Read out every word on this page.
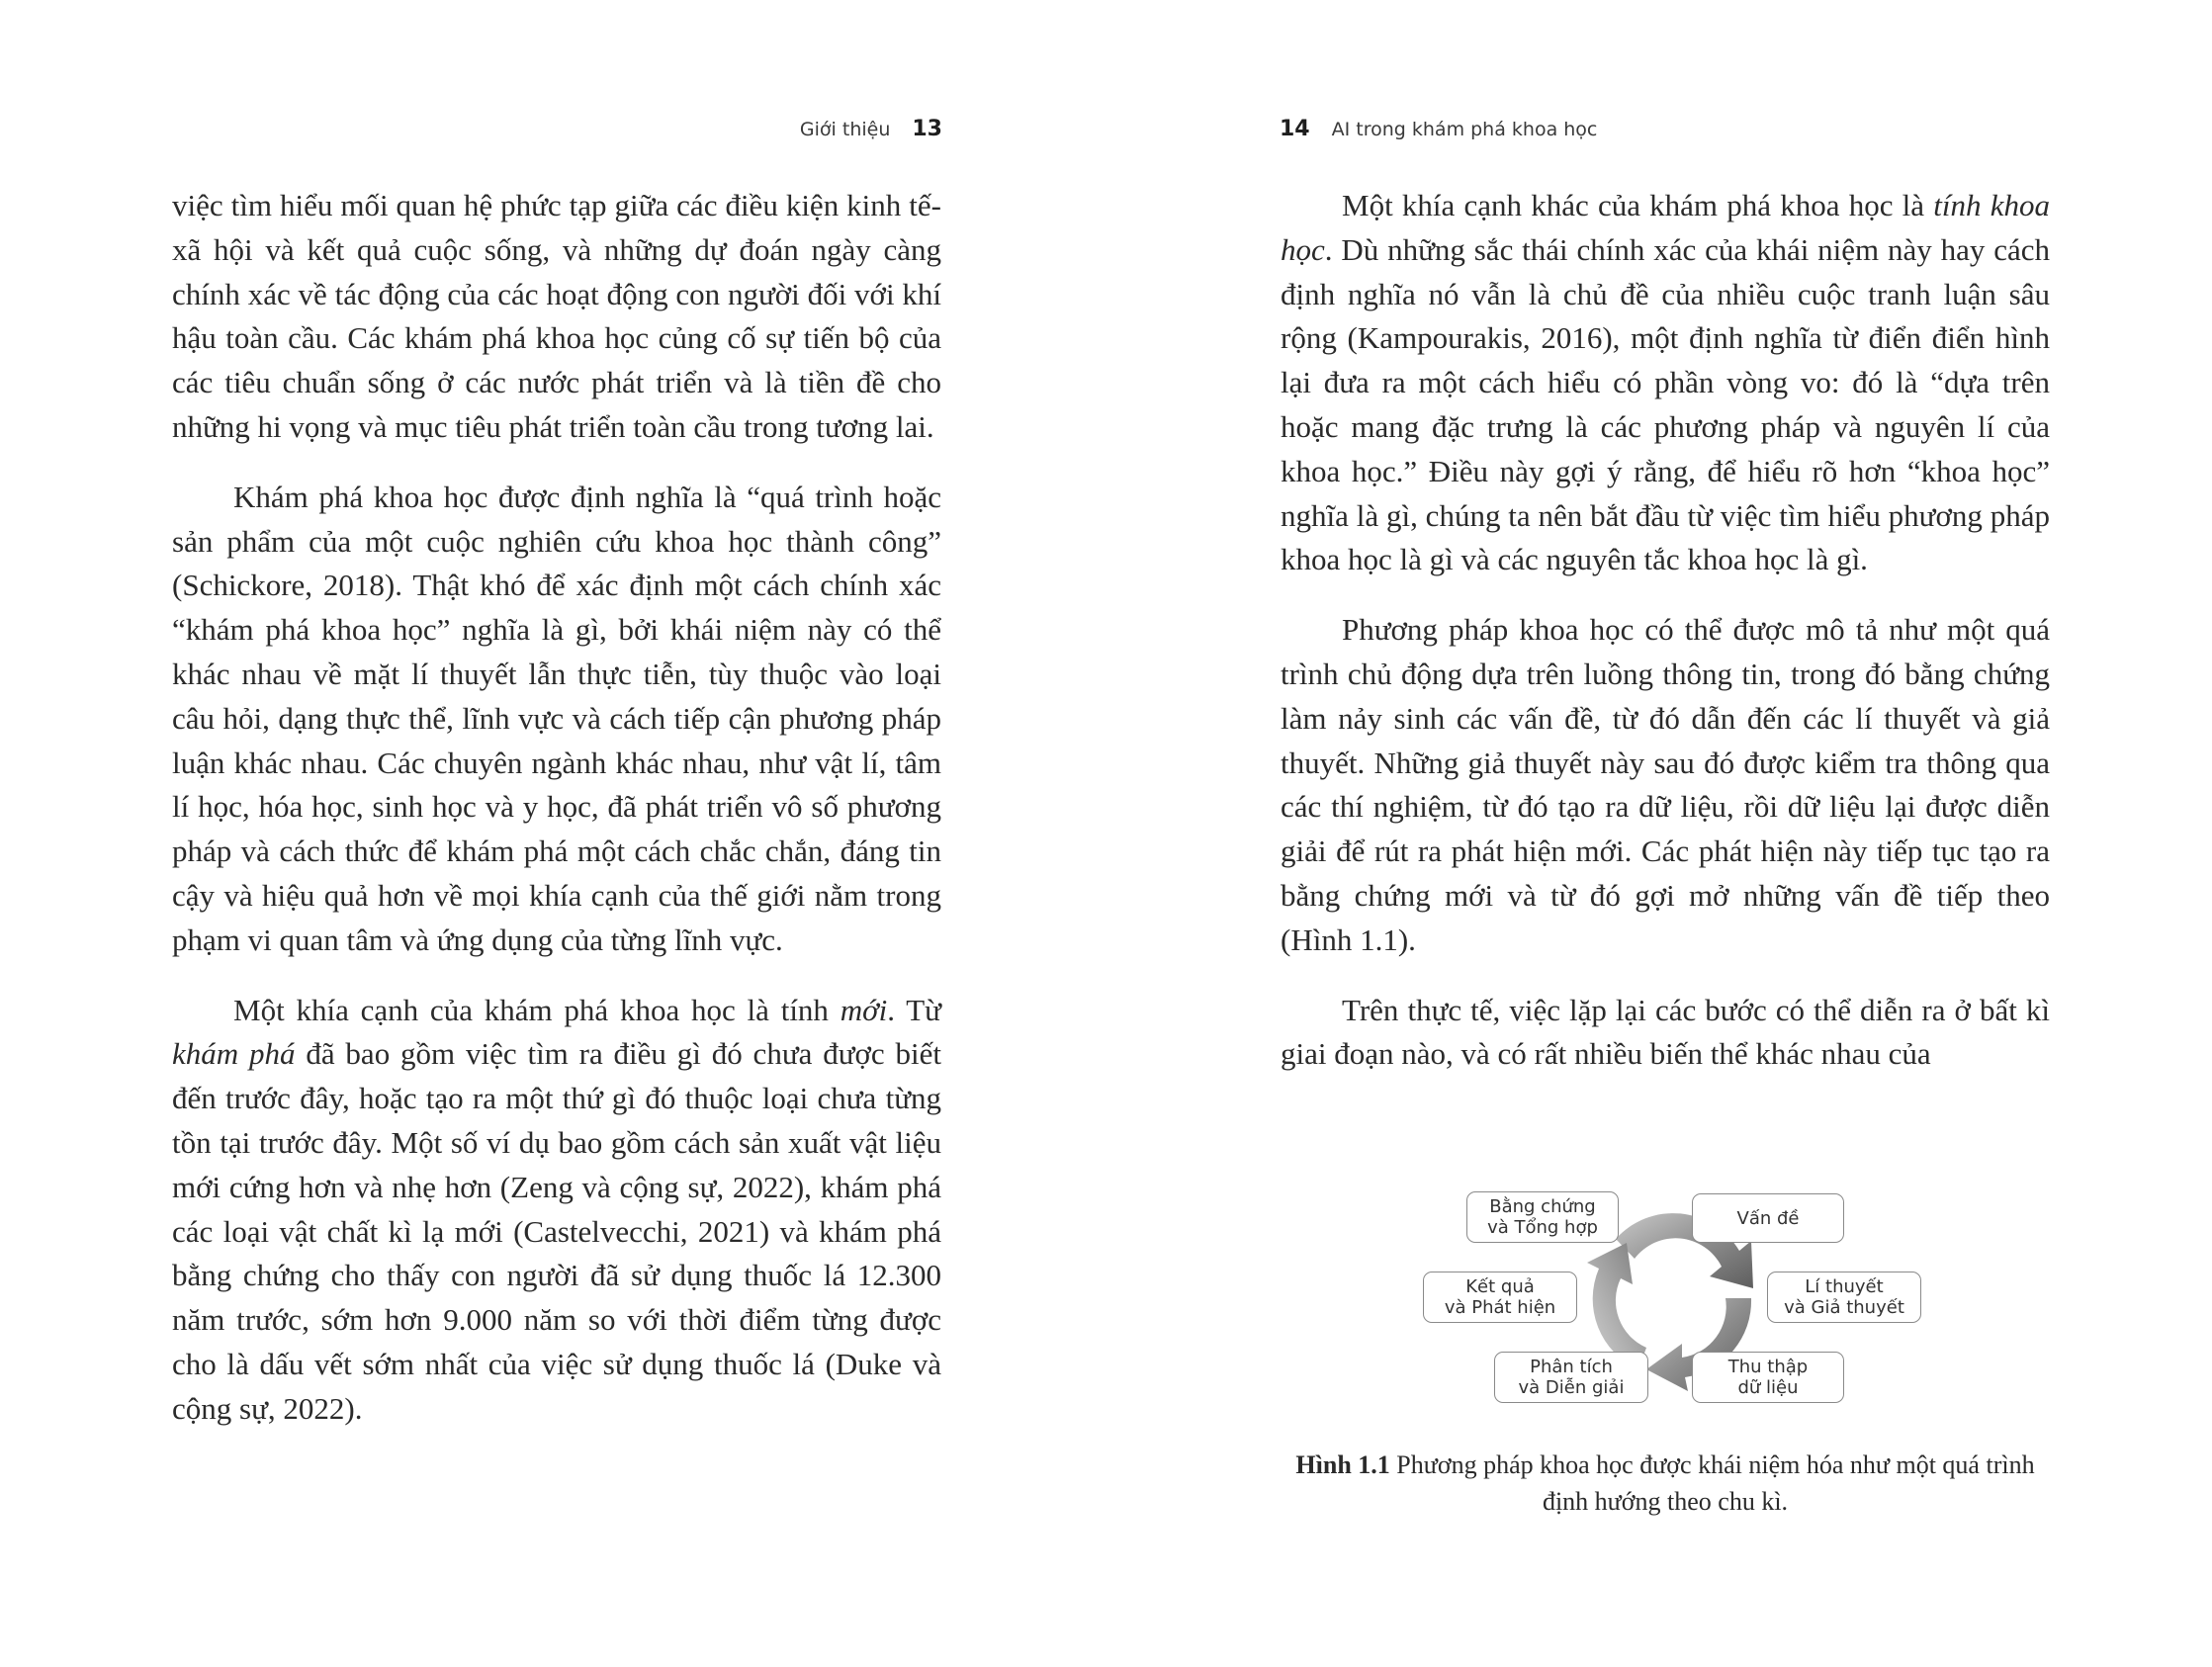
Giới thiệu 13

việc tìm hiểu mối quan hệ phức tạp giữa các điều kiện kinh tế-xã hội và kết quả cuộc sống, và những dự đoán ngày càng chính xác về tác động của các hoạt động con người đối với khí hậu toàn cầu. Các khám phá khoa học củng cố sự tiến bộ của các tiêu chuẩn sống ở các nước phát triển và là tiền đề cho những hi vọng và mục tiêu phát triển toàn cầu trong tương lai.

Khám phá khoa học được định nghĩa là “quá trình hoặc sản phẩm của một cuộc nghiên cứu khoa học thành công” (Schickore, 2018). Thật khó để xác định một cách chính xác “khám phá khoa học” nghĩa là gì, bởi khái niệm này có thể khác nhau về mặt lí thuyết lẫn thực tiễn, tùy thuộc vào loại câu hỏi, dạng thực thể, lĩnh vực và cách tiếp cận phương pháp luận khác nhau. Các chuyên ngành khác nhau, như vật lí, tâm lí học, hóa học, sinh học và y học, đã phát triển vô số phương pháp và cách thức để khám phá một cách chắc chắn, đáng tin cậy và hiệu quả hơn về mọi khía cạnh của thế giới nằm trong phạm vi quan tâm và ứng dụng của từng lĩnh vực.

Một khía cạnh của khám phá khoa học là tính mới. Từ khám phá đã bao gồm việc tìm ra điều gì đó chưa được biết đến trước đây, hoặc tạo ra một thứ gì đó thuộc loại chưa từng tồn tại trước đây. Một số ví dụ bao gồm cách sản xuất vật liệu mới cứng hơn và nhẹ hơn (Zeng và cộng sự, 2022), khám phá các loại vật chất kì lạ mới (Castelvecchi, 2021) và khám phá bằng chứng cho thấy con người đã sử dụng thuốc lá 12.300 năm trước, sớm hơn 9.000 năm so với thời điểm từng được cho là dấu vết sớm nhất của việc sử dụng thuốc lá (Duke và cộng sự, 2022).

14 AI trong khám phá khoa học

Một khía cạnh khác của khám phá khoa học là tính khoa học. Dù những sắc thái chính xác của khái niệm này hay cách định nghĩa nó vẫn là chủ đề của nhiều cuộc tranh luận sâu rộng (Kampourakis, 2016), một định nghĩa từ điển điển hình lại đưa ra một cách hiểu có phần vòng vo: đó là “dựa trên hoặc mang đặc trưng là các phương pháp và nguyên lí của khoa học.” Điều này gợi ý rằng, để hiểu rõ hơn “khoa học” nghĩa là gì, chúng ta nên bắt đầu từ việc tìm hiểu phương pháp khoa học là gì và các nguyên tắc khoa học là gì.

Phương pháp khoa học có thể được mô tả như một quá trình chủ động dựa trên luồng thông tin, trong đó bằng chứng làm nảy sinh các vấn đề, từ đó dẫn đến các lí thuyết và giả thuyết. Những giả thuyết này sau đó được kiểm tra thông qua các thí nghiệm, từ đó tạo ra dữ liệu, rồi dữ liệu lại được diễn giải để rút ra phát hiện mới. Các phát hiện này tiếp tục tạo ra bằng chứng mới và từ đó gợi mở những vấn đề tiếp theo (Hình 1.1).

Trên thực tế, việc lặp lại các bước có thể diễn ra ở bất kì giai đoạn nào, và có rất nhiều biến thể khác nhau của

Bằng chứng
và Tổng hợp	Vấn đề
Lí thuyết
và Giả thuyết
Thu thập
dữ liệu
Phân tích
và Diễn giải
Kết quả
và Phát hiện
Hình 1.1 Phương pháp khoa học được khái niệm hóa như một quá trình định hướng theo chu kì.
